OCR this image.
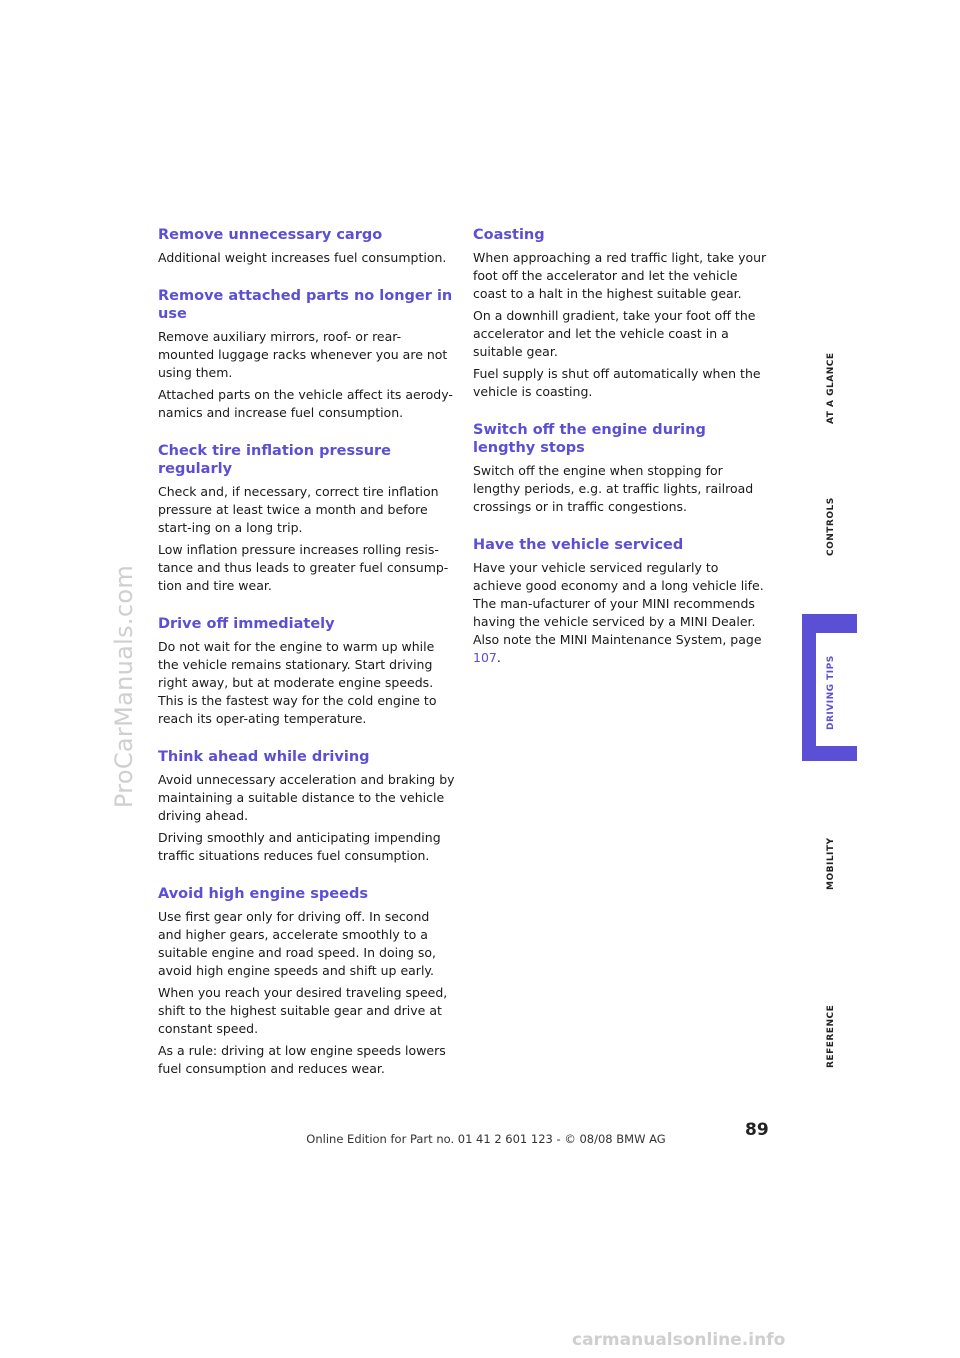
ProCarManuals.com
Remove unnecessary cargo

Additional weight increases fuel consumption.

Remove attached parts no longer in use

Remove auxiliary mirrors, roof- or rear-mounted luggage racks whenever you are not using them.

Attached parts on the vehicle affect its aerody-namics and increase fuel consumption.

Check tire inflation pressure regularly

Check and, if necessary, correct tire inflation pressure at least twice a month and before start-ing on a long trip.

Low inflation pressure increases rolling resis-tance and thus leads to greater fuel consump-tion and tire wear.

Drive off immediately

Do not wait for the engine to warm up while the vehicle remains stationary. Start driving right away, but at moderate engine speeds. This is the fastest way for the cold engine to reach its oper-ating temperature.

Think ahead while driving

Avoid unnecessary acceleration and braking by maintaining a suitable distance to the vehicle driving ahead.

Driving smoothly and anticipating impending traffic situations reduces fuel consumption.

Avoid high engine speeds

Use first gear only for driving off. In second and higher gears, accelerate smoothly to a suitable engine and road speed. In doing so, avoid high engine speeds and shift up early.

When you reach your desired traveling speed, shift to the highest suitable gear and drive at constant speed.

As a rule: driving at low engine speeds lowers fuel consumption and reduces wear.

Coasting

When approaching a red traffic light, take your foot off the accelerator and let the vehicle coast to a halt in the highest suitable gear.

On a downhill gradient, take your foot off the accelerator and let the vehicle coast in a suitable gear.

Fuel supply is shut off automatically when the vehicle is coasting.

Switch off the engine during lengthy stops

Switch off the engine when stopping for lengthy periods, e.g. at traffic lights, railroad crossings or in traffic congestions.

Have the vehicle serviced

Have your vehicle serviced regularly to achieve good economy and a long vehicle life. The man-ufacturer of your MINI recommends having the vehicle serviced by a MINI Dealer. Also note the MINI Maintenance System, page 107.

AT A GLANCE
CONTROLS
DRIVING TIPS
MOBILITY
REFERENCE
89
Online Edition for Part no. 01 41 2 601 123 - © 08/08 BMW AG
carmanualsonline.info
